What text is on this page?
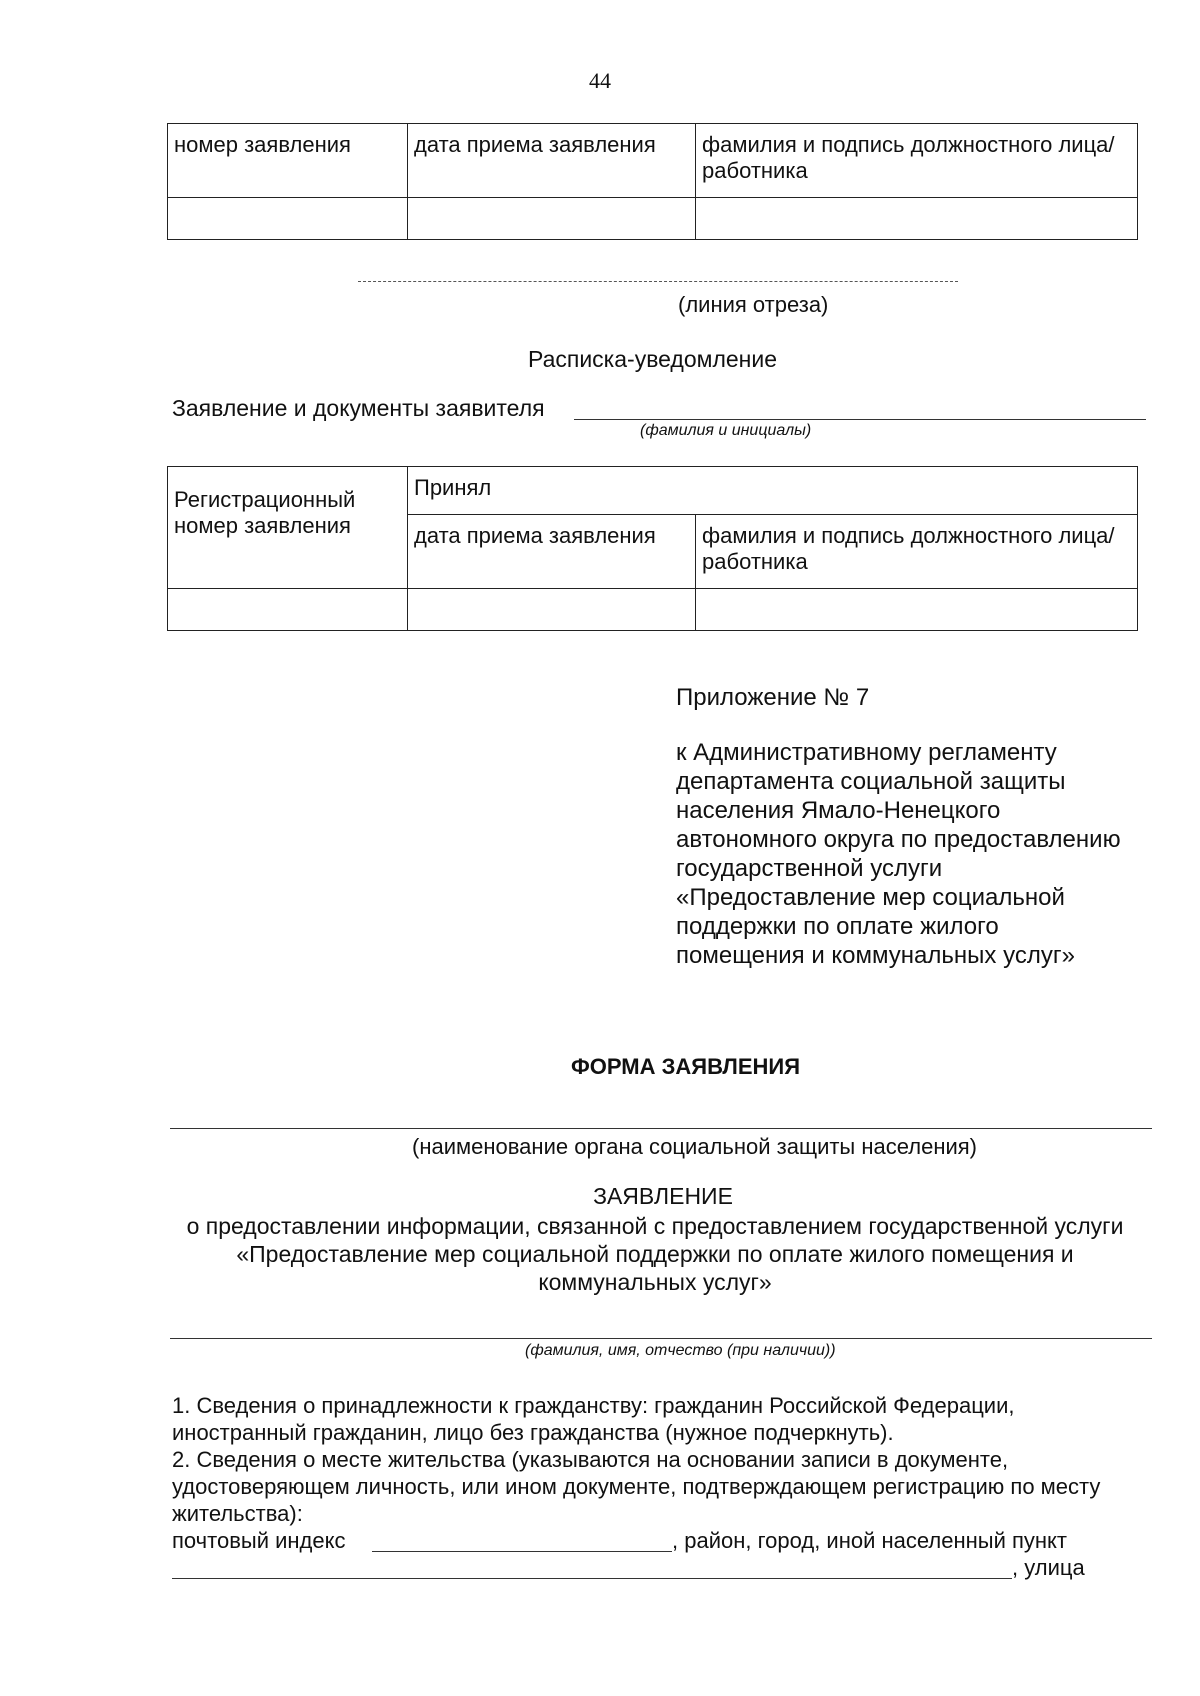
44
номер заявления	дата приема заявления	фамилия и подпись должностного лица/работника

(линия отреза)
Расписка-уведомление
Заявление и документы заявителя
(фамилия и инициалы)
Регистрационный номер заявления	Принял	
	дата приема заявления	фамилия и подпись должностного лица/работника

Приложение № 7
к Административному регламенту департамента социальной защиты населения Ямало-Ненецкого автономного округа по предоставлению государственной услуги «Предоставление мер социальной поддержки по оплате жилого помещения и коммунальных услуг»
ФОРМА ЗАЯВЛЕНИЯ
(наименование органа социальной защиты населения)
ЗАЯВЛЕНИЕ
о предоставлении информации, связанной с предоставлением государственной услуги «Предоставление мер социальной поддержки по оплате жилого помещения и коммунальных услуг»
(фамилия, имя, отчество (при наличии))
1. Сведения о принадлежности к гражданству: гражданин Российской Федерации, иностранный гражданин, лицо без гражданства (нужное подчеркнуть).
2. Сведения о месте жительства (указываются на основании записи в документе, удостоверяющем личность, или ином документе, подтверждающем регистрацию по месту жительства):
почтовый индекс	, район, город, иной населенный пункт
, улица
